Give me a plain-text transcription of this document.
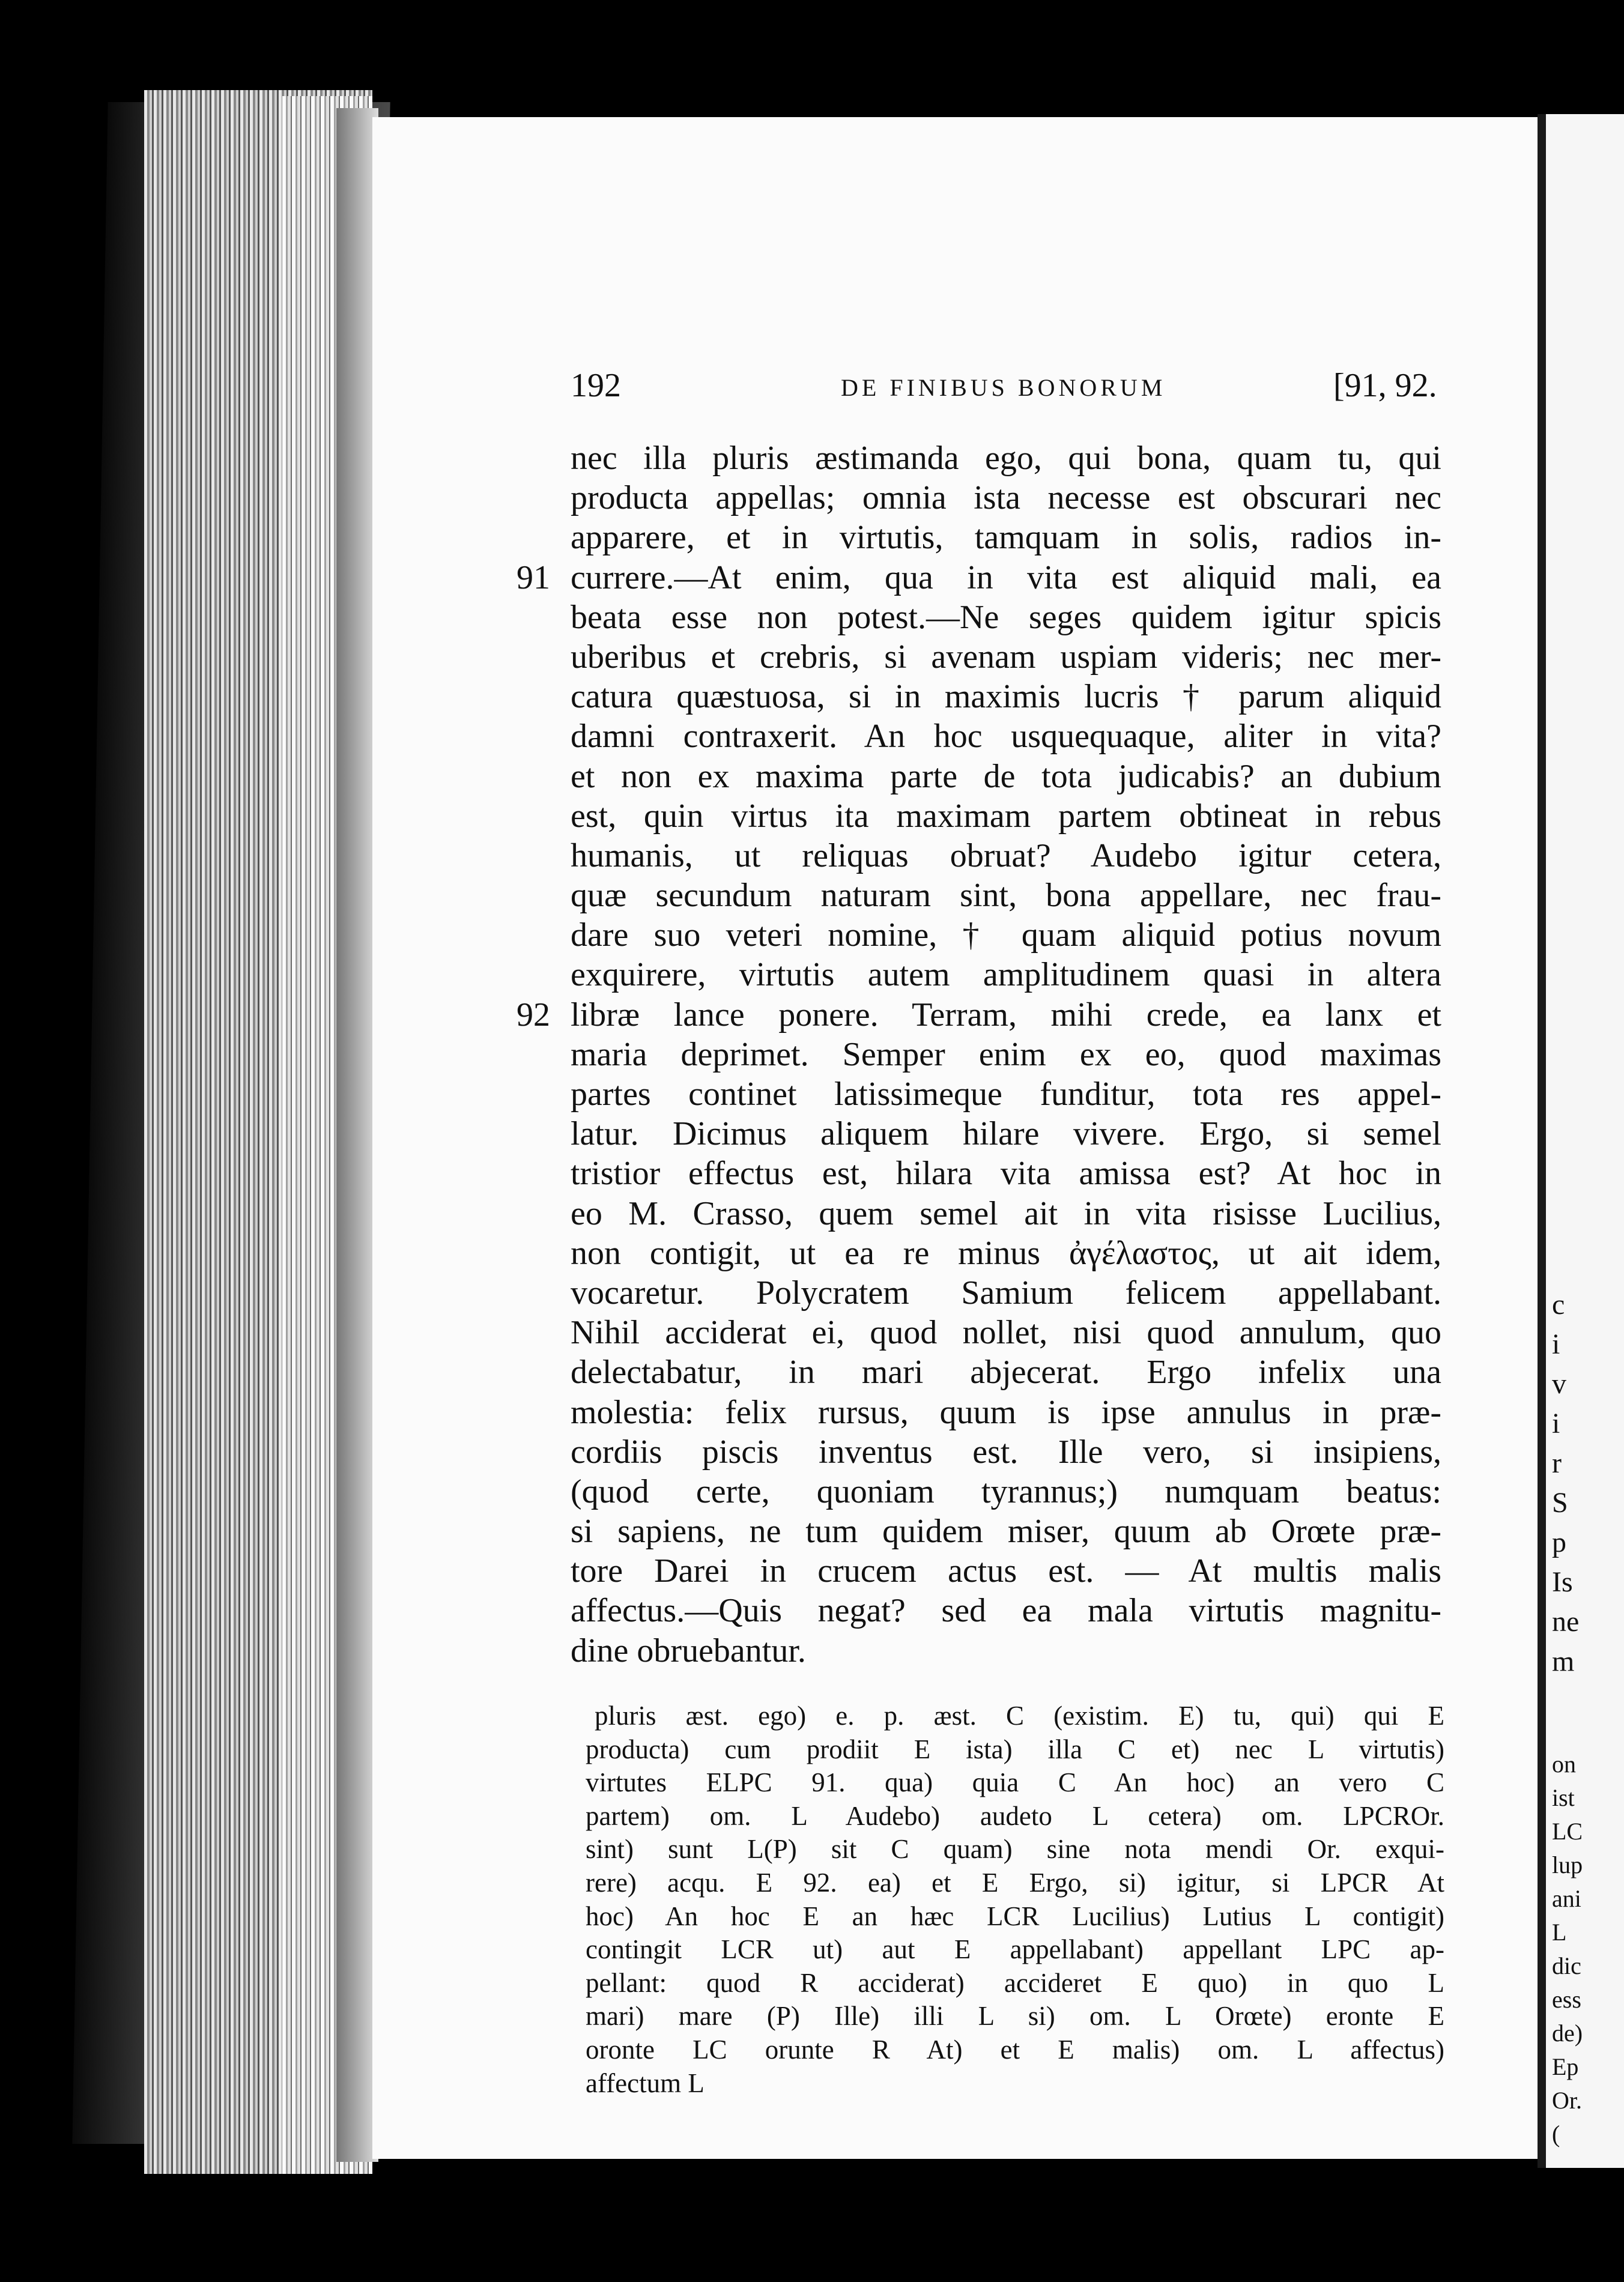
192	DE FINIBUS BONORUM	[91, 92.
91
92
nec illa pluris æstimanda ego, qui bona, quam tu, qui
producta appellas; omnia ista necesse est obscurari nec
apparere, et in virtutis, tamquam in solis, radios in-
currere.—At enim, qua in vita est aliquid mali, ea
beata esse non potest.—Ne seges quidem igitur spicis
uberibus et crebris, si avenam uspiam videris; nec mer-
catura quæstuosa, si in maximis lucris † parum aliquid
damni contraxerit. An hoc usquequaque, aliter in vita?
et non ex maxima parte de tota judicabis? an dubium
est, quin virtus ita maximam partem obtineat in rebus
humanis, ut reliquas obruat? Audebo igitur cetera,
quæ secundum naturam sint, bona appellare, nec frau-
dare suo veteri nomine, † quam aliquid potius novum
exquirere, virtutis autem amplitudinem quasi in altera
libræ lance ponere. Terram, mihi crede, ea lanx et
maria deprimet. Semper enim ex eo, quod maximas
partes continet latissimeque funditur, tota res appel-
latur. Dicimus aliquem hilare vivere. Ergo, si semel
tristior effectus est, hilara vita amissa est? At hoc in
eo M. Crasso, quem semel ait in vita risisse Lucilius,
non contigit, ut ea re minus ἀγέλαστος, ut ait idem,
vocaretur. Polycratem Samium felicem appellabant.
Nihil acciderat ei, quod nollet, nisi quod annulum, quo
delectabatur, in mari abjecerat. Ergo infelix una
molestia: felix rursus, quum is ipse annulus in præ-
cordiis piscis inventus est. Ille vero, si insipiens,
(quod certe, quoniam tyrannus;) numquam beatus:
si sapiens, ne tum quidem miser, quum ab Orœte præ-
tore Darei in crucem actus est. — At multis malis
affectus.—Quis negat? sed ea mala virtutis magnitu-
dine obruebantur.
pluris æst. ego) e. p. æst. C (existim. E) tu, qui) qui E
producta) cum prodiit E ista) illa C et) nec L virtutis)
virtutes ELPC 91. qua) quia C An hoc) an vero C
partem) om. L Audebo) audeto L cetera) om. LPCROr.
sint) sunt L(P) sit C quam) sine nota mendi Or. exqui-
rere) acqu. E 92. ea) et E Ergo, si) igitur, si LPCR At
hoc) An hoc E an hæc LCR Lucilius) Lutius L contigit)
contingit LCR ut) aut E appellabant) appellant LPC ap-
pellant: quod R acciderat) accideret E quo) in quo L
mari) mare (P) Ille) illi L si) om. L Orœte) eronte E
oronte LC orunte R At) et E malis) om. L affectus)
affectum L
c
i
v
i
r
S
p
Is
ne
m
on
ist
LC
lup
ani
L
dic
ess
de)
Ep
Or.
(
